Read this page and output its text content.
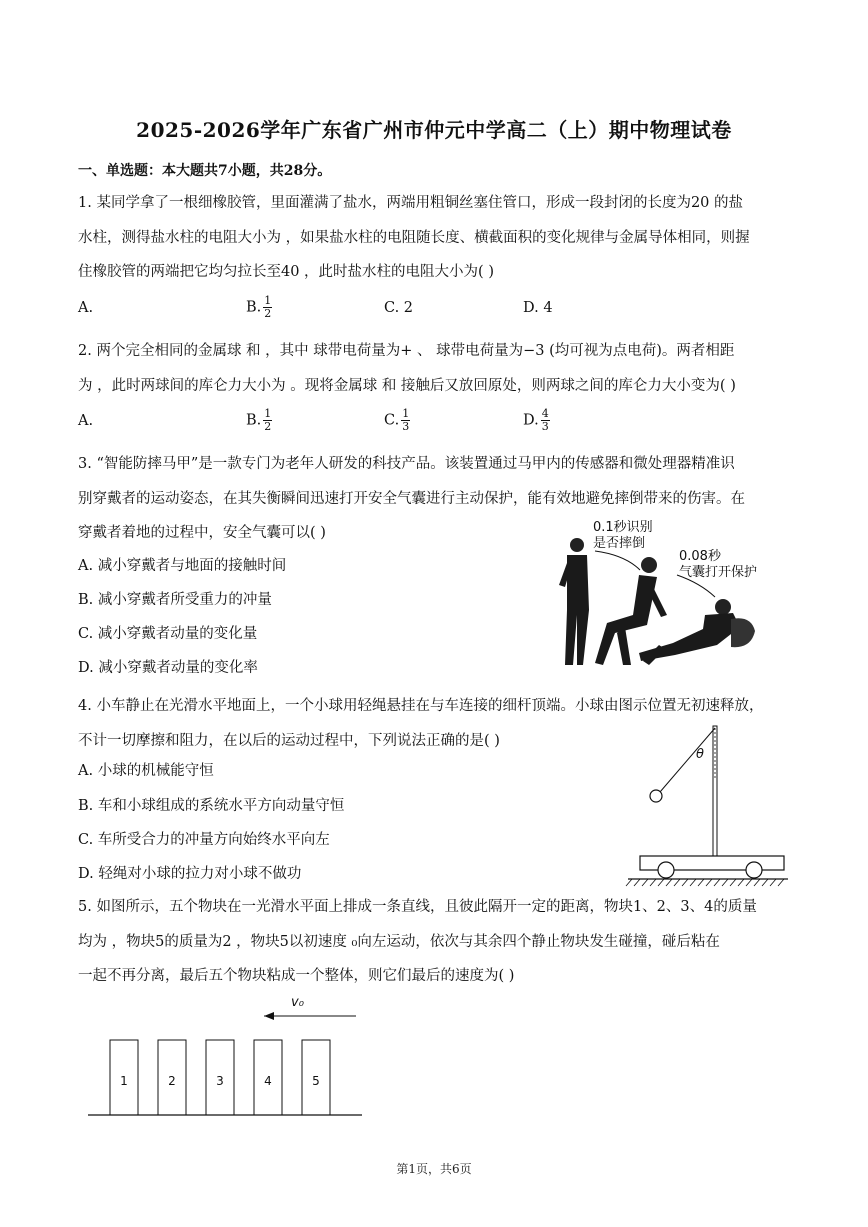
2025-2026学年广东省广州市仲元中学高二（上）期中物理试卷
一、单选题：本大题共7小题，共28分。
1. 某同学拿了一根细橡胶管，里面灌满了盐水，两端用粗铜丝塞住管口，形成一段封闭的长度为20 的盐
水柱，测得盐水柱的电阻大小为 ，如果盐水柱的电阻随长度、横截面积的变化规律与金属导体相同，则握
住橡胶管的两端把它均匀拉长至40 ，此时盐水柱的电阻大小为( )
A.	B. $\frac{1}{2}$	C. 2	D. 4
2. 两个完全相同的金属球 和 ，其中 球带电荷量为+ 、 球带电荷量为−3 (均可视为点电荷)。两者相距
为 ，此时两球间的库仑力大小为 。现将金属球 和 接触后又放回原处，则两球之间的库仑力大小变为( )
A.	B. $\frac{1}{2}$	C. $\frac{1}{3}$	D. $\frac{4}{3}$
3. “智能防摔马甲”是一款专门为老年人研发的科技产品。该装置通过马甲内的传感器和微处理器精准识
别穿戴者的运动姿态，在其失衡瞬间迅速打开安全气囊进行主动保护，能有效地避免摔倒带来的伤害。在
穿戴者着地的过程中，安全气囊可以( )
A. 减小穿戴者与地面的接触时间
B. 减小穿戴者所受重力的冲量
C. 减小穿戴者动量的变化量
D. 减小穿戴者动量的变化率
0.1秒识别
是否摔倒
0.08秒
气囊打开保护
4. 小车静止在光滑水平地面上，一个小球用轻绳悬挂在与车连接的细杆顶端。小球由图示位置无初速释放，
不计一切摩擦和阻力，在以后的运动过程中，下列说法正确的是( )
A. 小球的机械能守恒
B. 车和小球组成的系统水平方向动量守恒
C. 车所受合力的冲量方向始终水平向左
D. 轻绳对小球的拉力对小球不做功
θ
5. 如图所示，五个物块在一光滑水平面上排成一条直线，且彼此隔开一定的距离，物块1、2、3、4的质量
均为 ，物块5的质量为2 ，物块5以初速度 ₀向左运动，依次与其余四个静止物块发生碰撞，碰后粘在
一起不再分离，最后五个物块粘成一个整体，则它们最后的速度为( )
v₀
1	2	3	4	5
第1页，共6页
